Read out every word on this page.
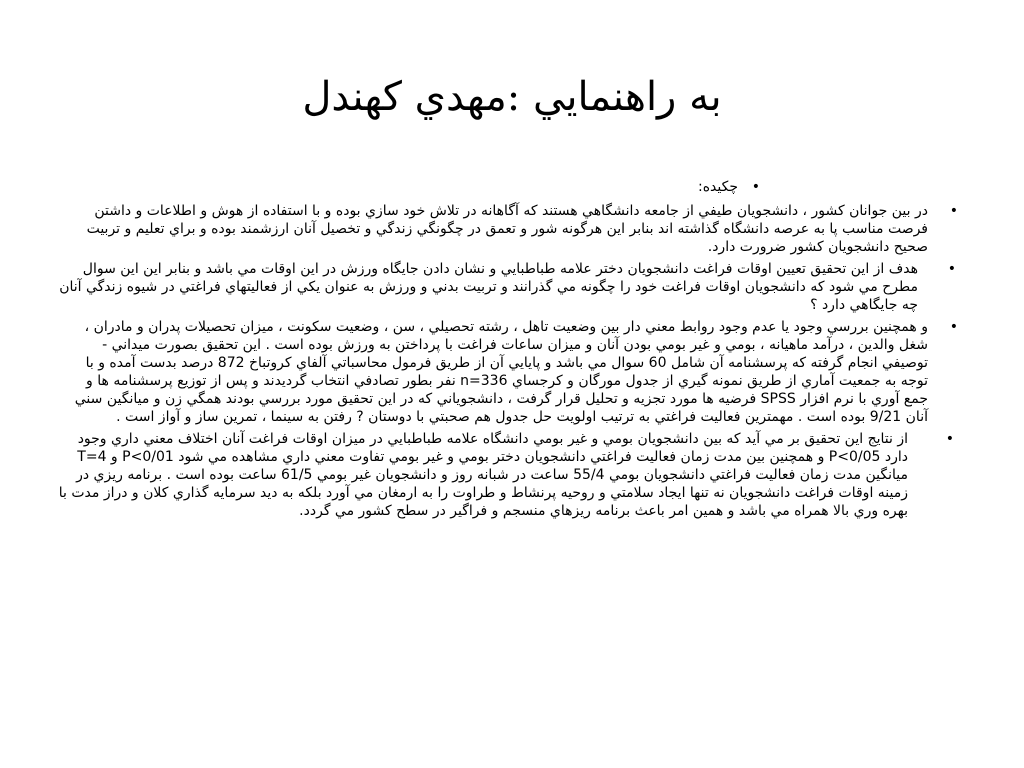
به راهنمايي :مهدي كهندل
•

چكيده:

•

در بين جوانان كشور ، دانشجويان طيفي از جامعه دانشگاهي هستند كه آگاهانه در تلاش خود سازي بوده و با استفاده از هوش و اطلاعات و داشتن فرصت مناسب پا به عرصه دانشگاه گذاشته اند بنابر اين هرگونه شور و تعمق در چگونگي زندگي و تخصيل آنان ارزشمند بوده و براي تعليم و تربيت صحيح دانشجويان كشور ضرورت دارد.

•

هدف از اين تحقيق تعيين اوقات فراغت دانشجويان دختر علامه طباطبايي و نشان دادن جايگاه ورزش در اين اوقات مي باشد و بنابر اين اين سوال مطرح مي شود كه دانشجويان اوقات فراغت خود را چگونه مي گذرانند و تربيت بدني و ورزش به عنوان يكي از فعاليتهاي فراغتي در شيوه زندگي آنان چه جايگاهي دارد ؟

•

و همچنين بررسي وجود يا عدم وجود روابط معني دار بين وضعيت تاهل ، رشته تحصيلي ، سن ، وضعيت سكونت ، ميزان تحصيلات پدران و مادران ، شغل والدين ، درآمد ماهيانه ، بومي و غير بومي بودن آنان و ميزان ساعات فراغت با پرداختن به ورزش بوده است . اين تحقيق بصورت ميداني - توصيفي انجام گرفته كه پرسشنامه آن شامل 60 سوال مي باشد و پايايي آن از طريق فرمول محاسباتي آلفاي كروتباخ 872 درصد بدست آمده و با توجه به جمعيت آماري از طريق نمونه گيري از جدول مورگان و كرجساي n=336 نفر بطور تصادفي انتخاب گرديدند و پس از توزيع پرسشنامه ها و جمع آوري با نرم افزار SPSS فرضيه ها مورد تجزيه و تحليل قرار گرفت ، دانشجوياني كه در اين تحقيق مورد بررسي بودند همگي زن و ميانگين سني آنان 9/21 بوده است . مهمترين فعاليت فراغتي به ترتيب اولويت حل جدول هم صحبتي با دوستان ? رفتن به سينما ، تمرين ساز و آواز است .

•

از نتايج اين تحقيق بر مي آيد كه بين دانشجويان بومي و غير بومي دانشگاه علامه طباطبايي در ميزان اوقات فراغت آنان اختلاف معني داري وجود دارد P<0/05 و همچنين بين مدت زمان فعاليت فراغتي دانشجويان دختر بومي و غير بومي تفاوت معني داري مشاهده مي شود P<0/01 و T=4 ميانگين مدت زمان فعاليت فراغتي دانشجويان بومي 55/4 ساعت در شبانه روز و دانشجويان غير بومي 61/5 ساعت بوده است . برنامه ريزي در زمينه اوقات فراغت دانشجويان نه تنها ايجاد سلامتي و روحيه پرنشاط و طراوت را به ارمغان مي آورد بلكه به ديد سرمايه گذاري كلان و دراز مدت با بهره وري بالا همراه مي باشد و همين امر باعث برنامه ريزهاي منسجم و فراگير در سطح كشور مي گردد.
